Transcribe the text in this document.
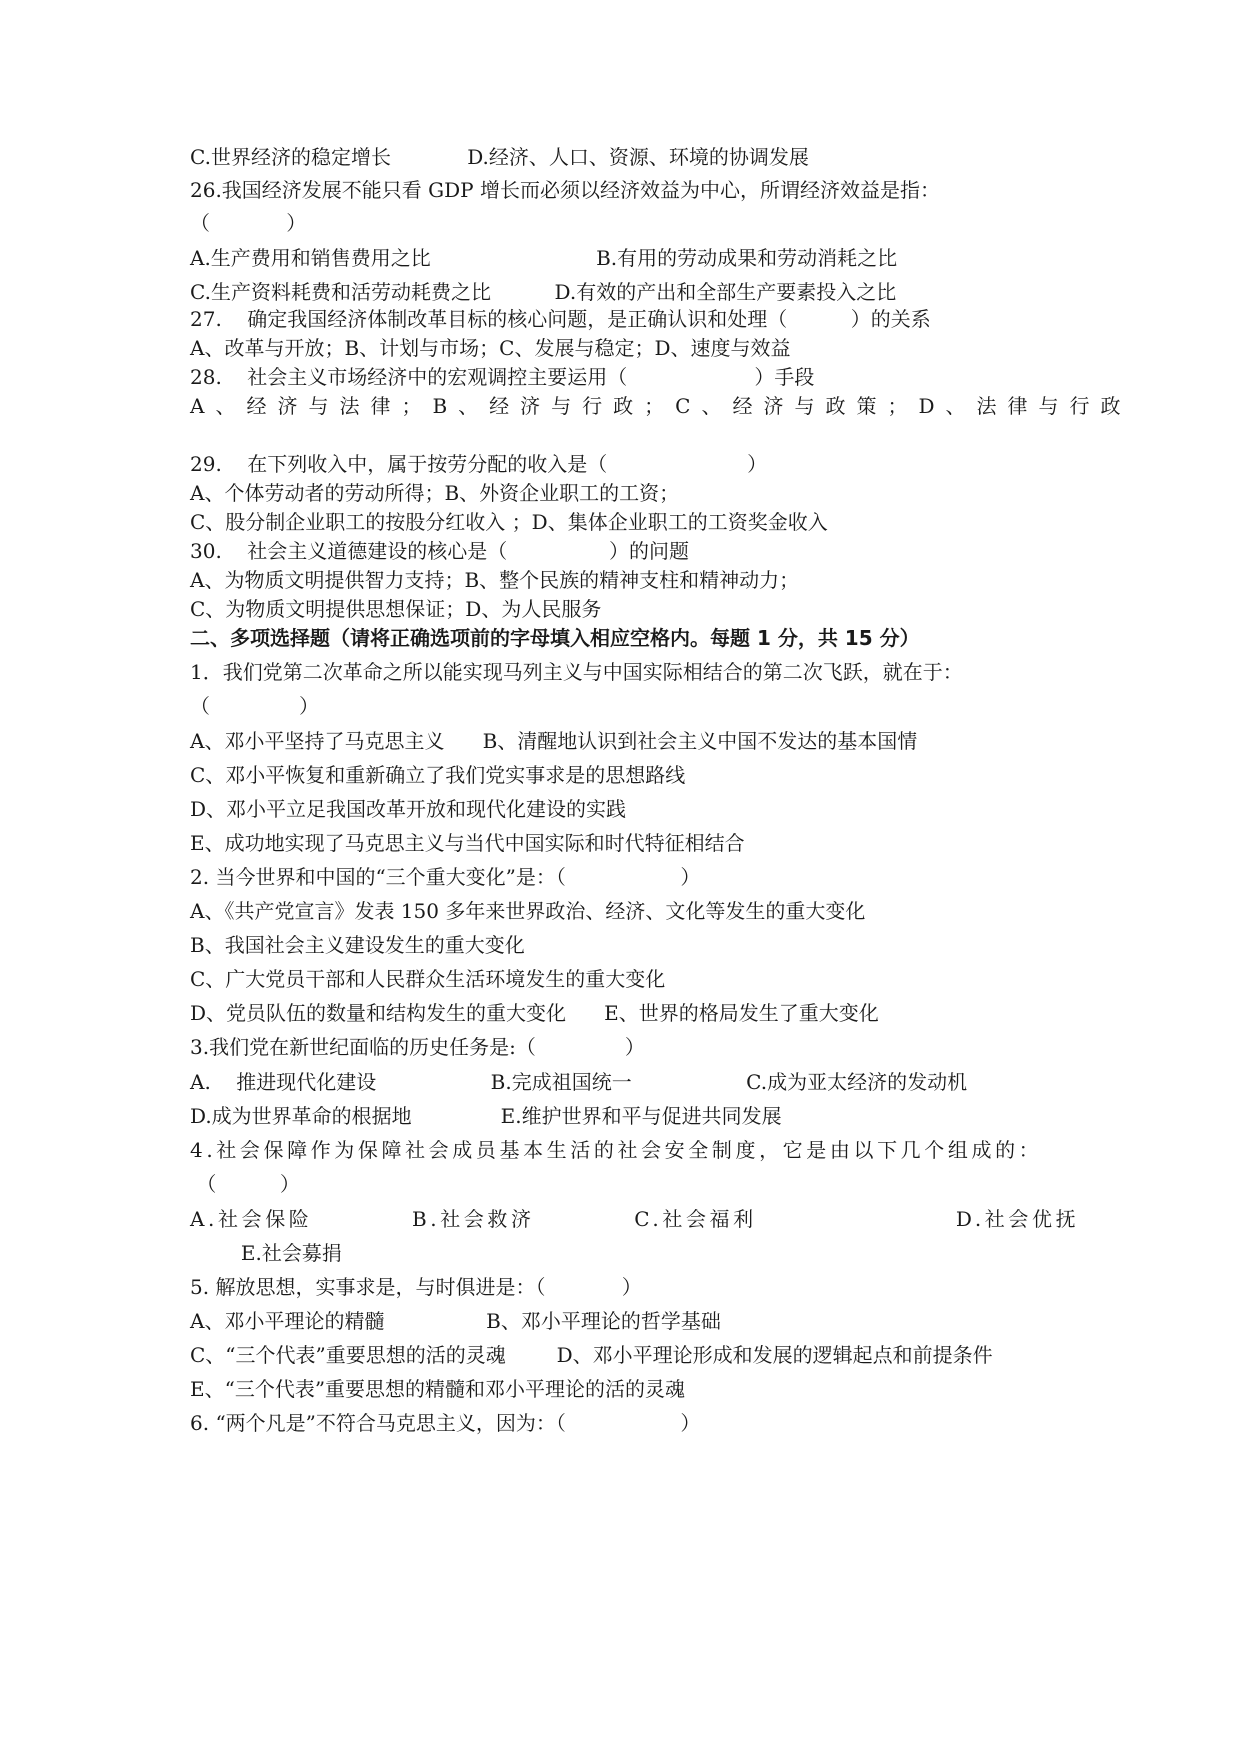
C.世界经济的稳定增长            D.经济、人口、资源、环境的协调发展
26.我国经济发展不能只看 GDP 增长而必须以经济效益为中心，所谓经济效益是指：
（            ）
A.生产费用和销售费用之比                          B.有用的劳动成果和劳动消耗之比
C.生产资料耗费和活劳动耗费之比          D.有效的产出和全部生产要素投入之比
27.    确定我国经济体制改革目标的核心问题，是正确认识和处理（          ）的关系
A、改革与开放；B、计划与市场；C、发展与稳定；D、速度与效益
28.    社会主义市场经济中的宏观调控主要运用（                    ）手段
A、经济与法律；B、经济与行政；C、经济与政策；D、法律与行政
29.    在下列收入中，属于按劳分配的收入是（                      ）
A、个体劳动者的劳动所得；B、外资企业职工的工资；
C、股分制企业职工的按股分红收入 ；D、集体企业职工的工资奖金收入
30.    社会主义道德建设的核心是（                ）的问题
A、为物质文明提供智力支持；B、整个民族的精神支柱和精神动力；
C、为物质文明提供思想保证；D、为人民服务
二、多项选择题（请将正确选项前的字母填入相应空格内。每题 1 分，共 15 分）
1．我们党第二次革命之所以能实现马列主义与中国实际相结合的第二次飞跃，就在于：
（              ）
A、邓小平坚持了马克思主义      B、清醒地认识到社会主义中国不发达的基本国情
C、邓小平恢复和重新确立了我们党实事求是的思想路线
D、邓小平立足我国改革开放和现代化建设的实践
E、成功地实现了马克思主义与当代中国实际和时代特征相结合
2. 当今世界和中国的“三个重大变化”是：（                  ）
A、《共产党宣言》发表 150 多年来世界政治、经济、文化等发生的重大变化
B、我国社会主义建设发生的重大变化
C、广大党员干部和人民群众生活环境发生的重大变化
D、党员队伍的数量和结构发生的重大变化      E、世界的格局发生了重大变化
3.我们党在新世纪面临的历史任务是:（              ）
A.    推进现代化建设                  B.完成祖国统一                  C.成为亚太经济的发动机
D.成为世界革命的根据地              E.维护世界和平与促进共同发展
4.社会保障作为保障社会成员基本生活的社会安全制度，它是由以下几个组成的：
（          ）
A.社会保险          B.社会救济          C.社会福利                    D.社会优抚
E.社会募捐
5. 解放思想，实事求是，与时俱进是：（            ）
A、邓小平理论的精髓                B、邓小平理论的哲学基础
C、“三个代表”重要思想的活的灵魂        D、邓小平理论形成和发展的逻辑起点和前提条件
E、“三个代表”重要思想的精髓和邓小平理论的活的灵魂
6. “两个凡是”不符合马克思主义，因为：（                  ）
